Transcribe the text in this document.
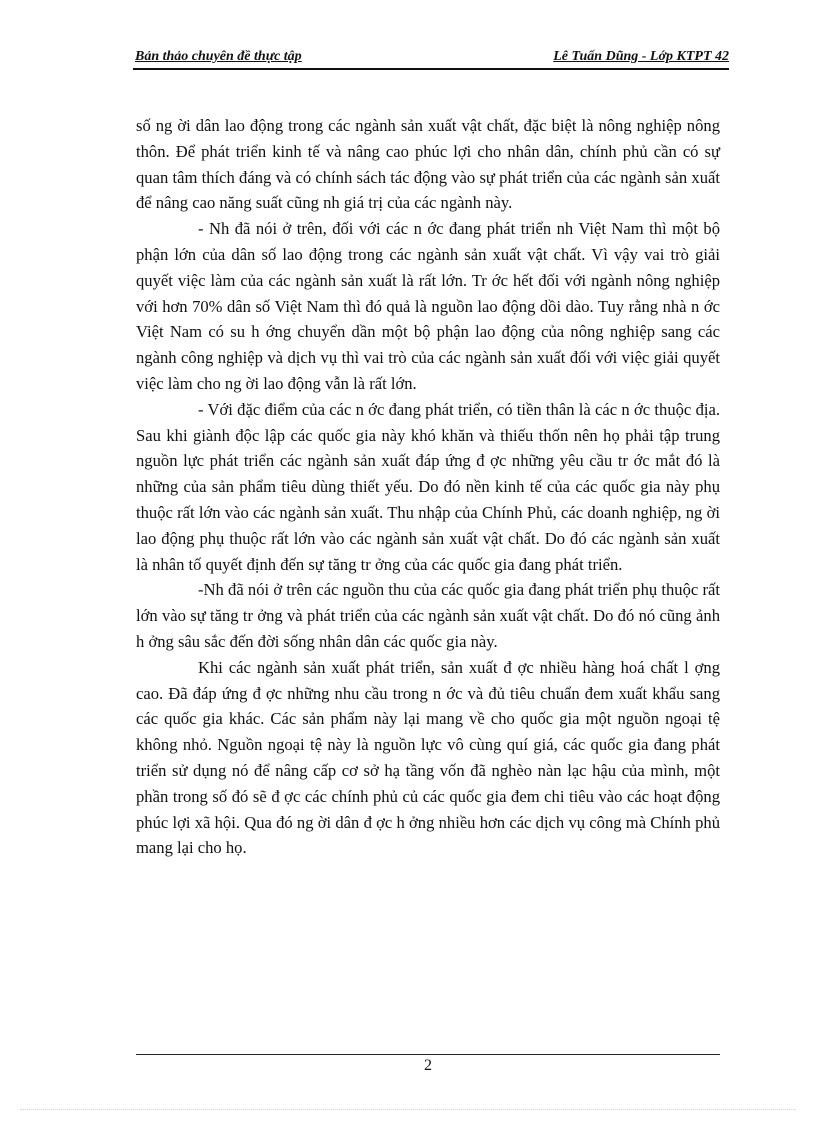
Bản thảo chuyên đề thực tập	Lê Tuấn Dũng - Lớp KTPT 42

số ng ời dân lao động trong các ngành sản xuất vật chất, đặc biệt là nông nghiệp nông thôn. Để phát triển kinh tế và nâng cao phúc lợi cho nhân dân, chính phủ cần có sự quan tâm thích đáng và có chính sách tác động vào sự phát triển của các ngành sản xuất để nâng cao năng suất cũng nh giá trị của các ngành này.

- Nh đã nói ở trên, đối với các n ớc đang phát triển nh Việt Nam thì một bộ phận lớn của dân số lao động trong các ngành sản xuất vật chất. Vì vậy vai trò giải quyết việc làm của các ngành sản xuất là rất lớn. Tr ớc hết đối với ngành nông nghiệp với hơn 70% dân số Việt Nam thì đó quả là nguồn lao động dồi dào. Tuy rằng nhà n ớc Việt Nam có su h ớng chuyển dần một bộ phận lao động của nông nghiệp sang các ngành công nghiệp và dịch vụ thì vai trò của các ngành sản xuất đối với việc giải quyết việc làm cho ng ời lao động vẫn là rất lớn.

- Với đặc điểm của các n ớc đang phát triển, có tiền thân là các n ớc thuộc địa. Sau khi giành độc lập các quốc gia này khó khăn và thiếu thốn nên họ phải tập trung nguồn lực phát triển các ngành sản xuất đáp ứng đ ợc những yêu cầu tr ớc mắt đó là những của sản phẩm tiêu dùng thiết yếu. Do đó nền kinh tế của các quốc gia này phụ thuộc rất lớn vào các ngành sản xuất. Thu nhập của Chính Phủ, các doanh nghiệp, ng ời lao động phụ thuộc rất lớn vào các ngành sản xuất vật chất. Do đó các ngành sản xuất là nhân tố quyết định đến sự tăng tr ởng của các quốc gia đang phát triển.

-Nh đã nói ở trên các nguồn thu của các quốc gia đang phát triển phụ thuộc rất lớn vào sự tăng tr ởng và phát triển của các ngành sản xuất vật chất. Do đó nó cũng ảnh h ởng sâu sắc đến đời sống nhân dân các quốc gia này.

Khi các ngành sản xuất phát triển, sản xuất đ ợc nhiều hàng hoá chất l ợng cao. Đã đáp ứng đ ợc những nhu cầu trong n ớc và đủ tiêu chuẩn đem xuất khẩu sang các quốc gia khác. Các sản phẩm này lại mang về cho quốc gia một nguồn ngoại tệ không nhỏ. Nguồn ngoại tệ này là nguồn lực vô cùng quí giá, các quốc gia đang phát triển sử dụng nó để nâng cấp cơ sở hạ tầng vốn đã nghèo nàn lạc hậu của mình, một phần trong số đó sẽ đ ợc các chính phủ củ các quốc gia đem chi tiêu vào các hoạt động phúc lợi xã hội. Qua đó ng ời dân đ ợc h ởng nhiều hơn các dịch vụ công mà Chính phủ mang lại cho họ.

2
